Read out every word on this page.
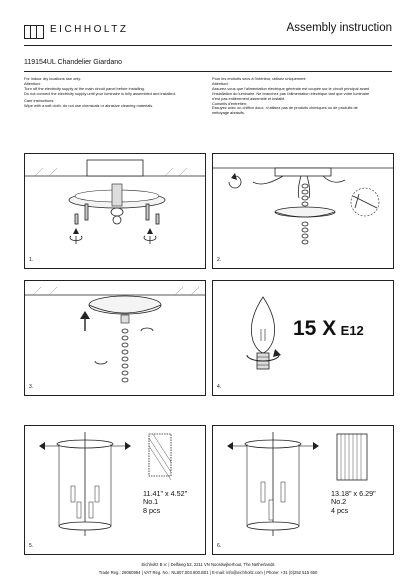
EICHHOLTZ	Assembly instruction
119154UL Chandelier Giardano

For indoor dry locations use only.

Attention!

Turn off the electricity supply at the main circuit panel before installing.

Do not connect the electricity supply until your luminaire is fully assembled and installed.

Care instructions:

Wipe with a soft cloth, do not use chemicals or abrasive cleaning materials.

Pour les endroits secs à l'intérieur, utilisez uniquement

Attention!

Assurez-vous que l'alimentation électrique générale est coupée sur le circuit principal avant

l'installation du luminaire. Ne branchez pas l'alimentation électrique tant que votre luminaire

n'est pas entièrement assemblé et installé.

Conseils d'entretien:

Essuyez avec un chiffon doux, n'utilisez pas de produits chimiques ou de produits de

nettoyage abrasifs.

1.	2.
3.
15 X E12
4.
11.41" x 4.52"
No.1
8 pcs
5.
13.18" x 6.29"
No.2
4 pcs
6.
Eichholtz B.V. | Delfweg 52, 2211 VN Noordwijkerhout, The Netherlands
Trade Reg.: 28060994 | VAT Reg. No.: NL807.003.600.B01 | E-mail: info@eichholtz.com | Phone: +31 (0)252 515 650
